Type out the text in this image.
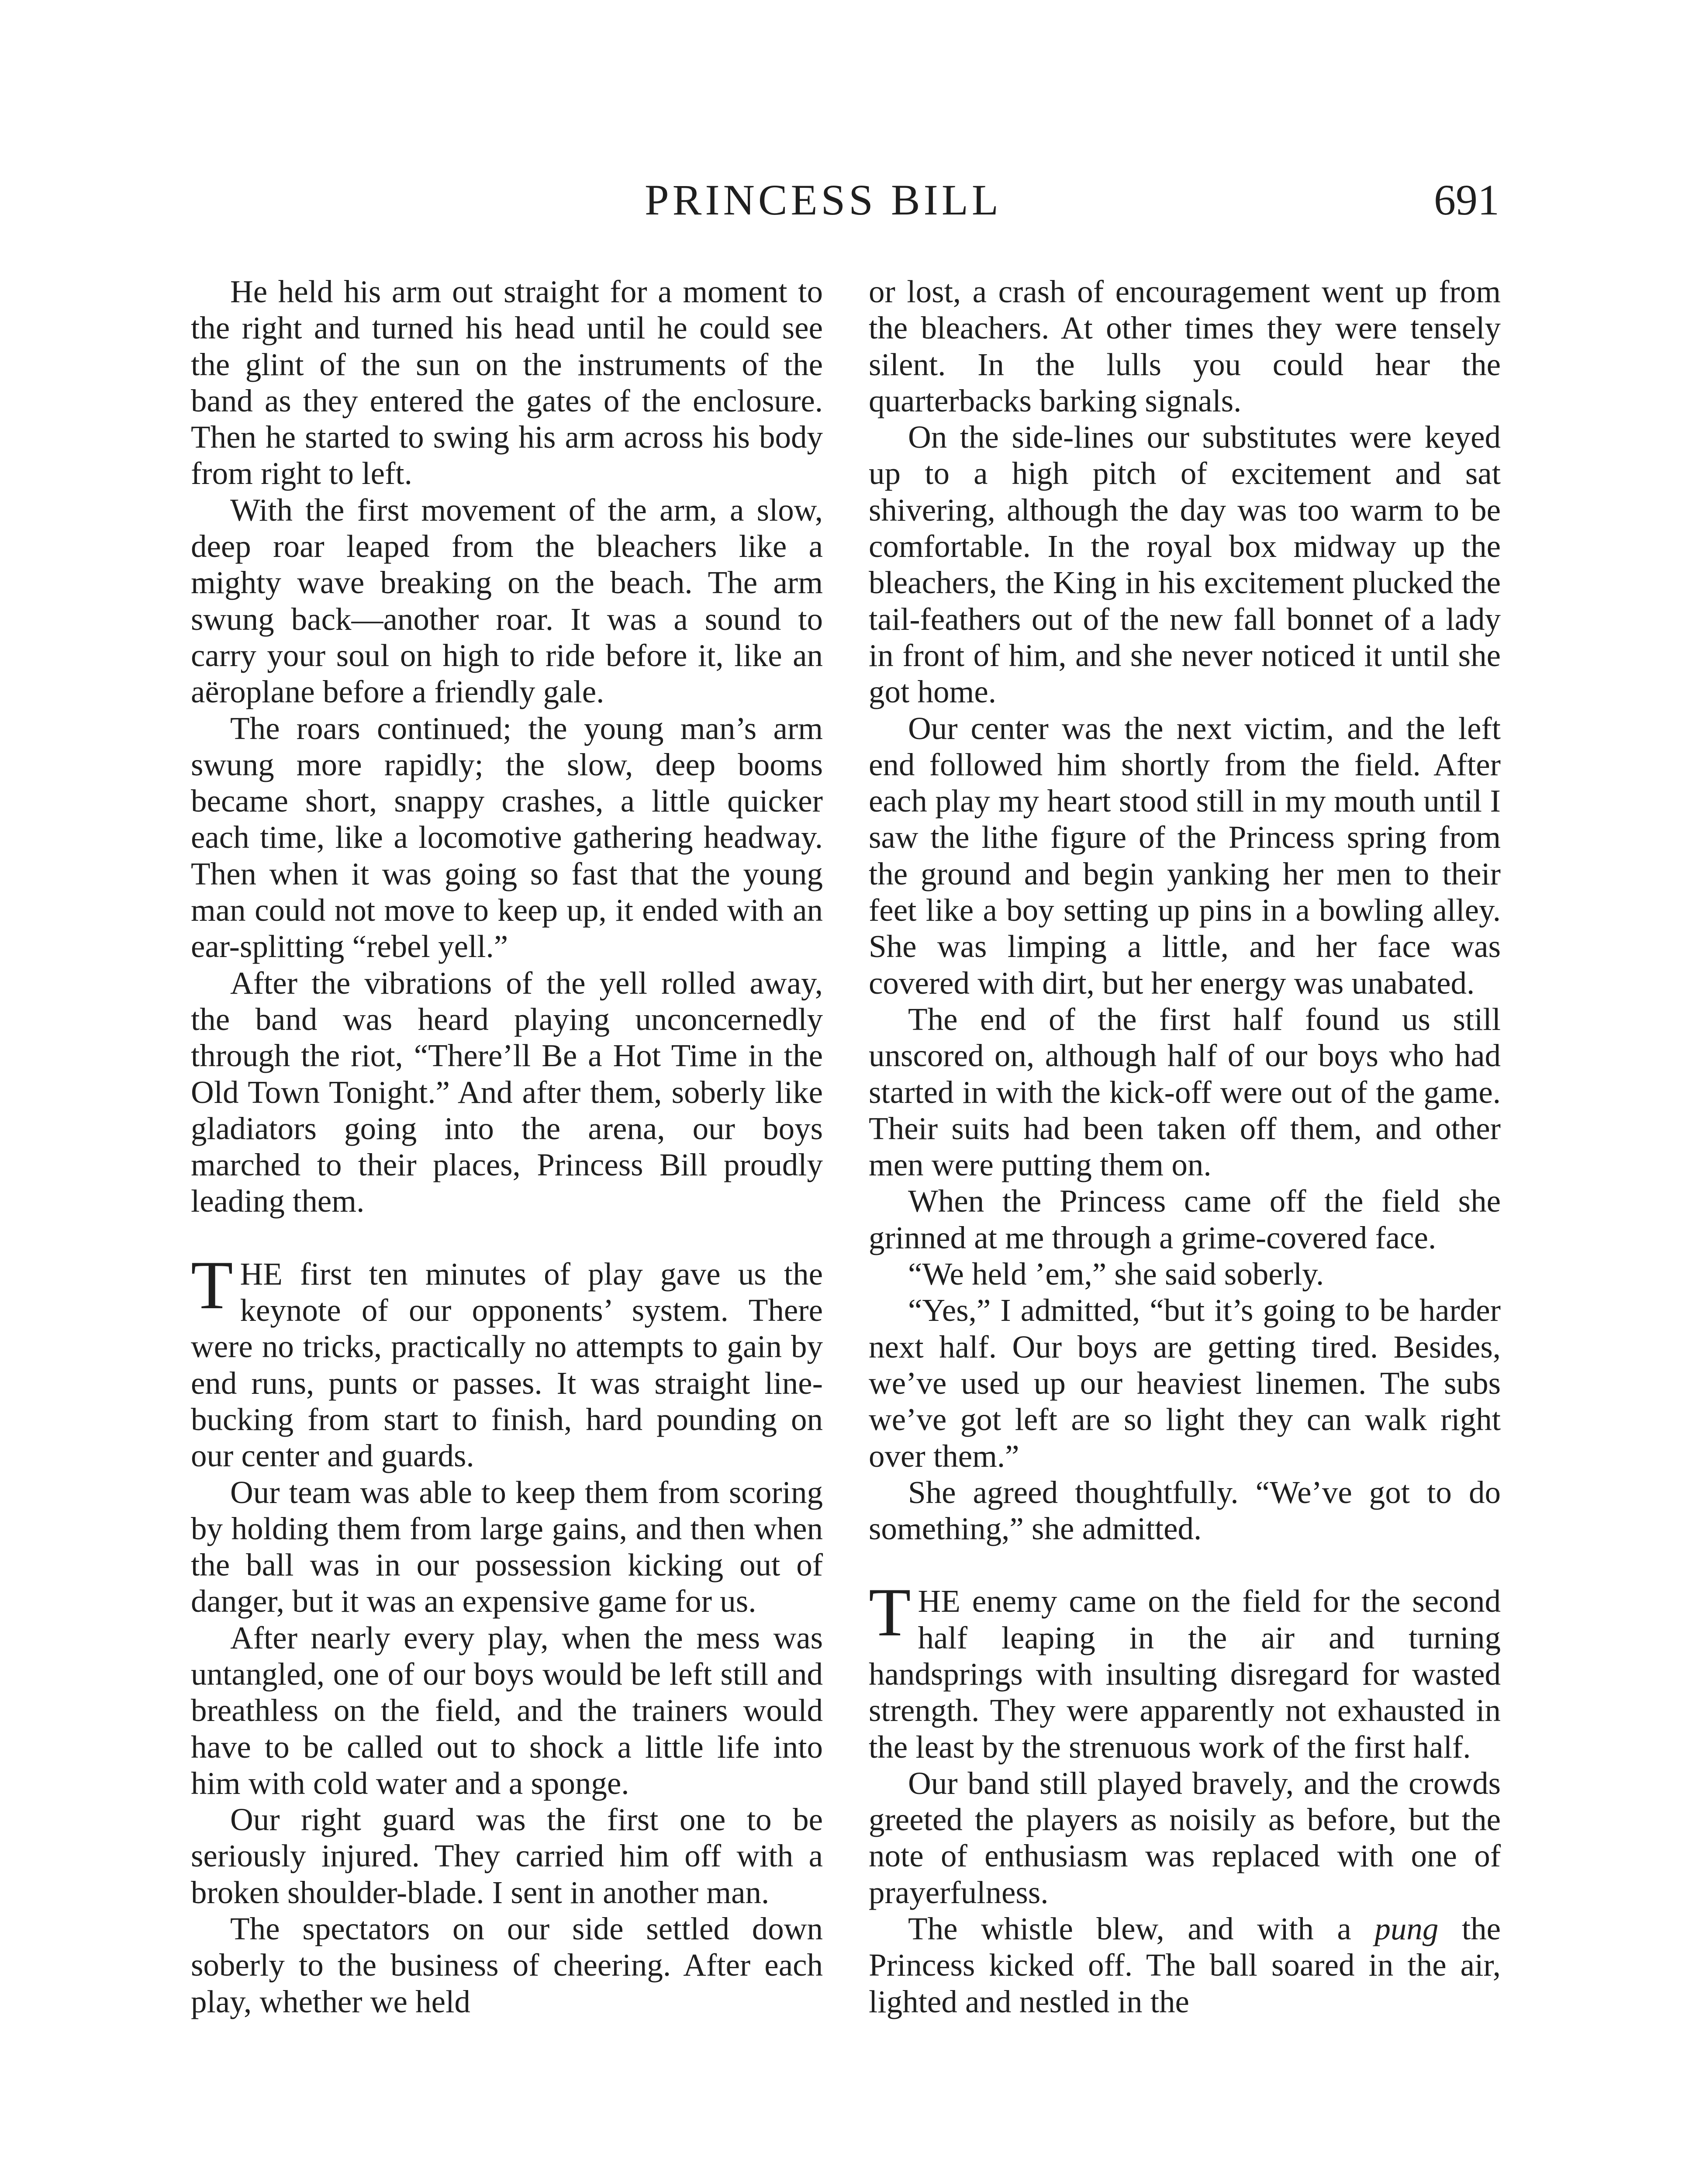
PRINCESS BILL	691

He held his arm out straight for a moment to the right and turned his head until he could see the glint of the sun on the instruments of the band as they entered the gates of the enclosure. Then he started to swing his arm across his body from right to left.

With the first movement of the arm, a slow, deep roar leaped from the bleachers like a mighty wave breaking on the beach. The arm swung back—another roar. It was a sound to carry your soul on high to ride before it, like an aëroplane before a friendly gale.

The roars continued; the young man’s arm swung more rapidly; the slow, deep booms became short, snappy crashes, a little quicker each time, like a locomotive gathering headway. Then when it was going so fast that the young man could not move to keep up, it ended with an ear-splitting “rebel yell.”

After the vibrations of the yell rolled away, the band was heard playing unconcernedly through the riot, “There’ll Be a Hot Time in the Old Town Tonight.” And after them, soberly like gladiators going into the arena, our boys marched to their places, Princess Bill proudly leading them.

THE first ten minutes of play gave us the keynote of our opponents’ system. There were no tricks, practically no attempts to gain by end runs, punts or passes. It was straight line-bucking from start to finish, hard pounding on our center and guards.

Our team was able to keep them from scoring by holding them from large gains, and then when the ball was in our possession kicking out of danger, but it was an expensive game for us.

After nearly every play, when the mess was untangled, one of our boys would be left still and breathless on the field, and the trainers would have to be called out to shock a little life into him with cold water and a sponge.

Our right guard was the first one to be seriously injured. They carried him off with a broken shoulder-blade. I sent in another man.

The spectators on our side settled down soberly to the business of cheering. After each play, whether we held

or lost, a crash of encouragement went up from the bleachers. At other times they were tensely silent. In the lulls you could hear the quarterbacks barking signals.

On the side-lines our substitutes were keyed up to a high pitch of excitement and sat shivering, although the day was too warm to be comfortable. In the royal box midway up the bleachers, the King in his excitement plucked the tail-feathers out of the new fall bonnet of a lady in front of him, and she never noticed it until she got home.

Our center was the next victim, and the left end followed him shortly from the field. After each play my heart stood still in my mouth until I saw the lithe figure of the Princess spring from the ground and begin yanking her men to their feet like a boy setting up pins in a bowling alley. She was limping a little, and her face was covered with dirt, but her energy was unabated.

The end of the first half found us still unscored on, although half of our boys who had started in with the kick-off were out of the game. Their suits had been taken off them, and other men were putting them on.

When the Princess came off the field she grinned at me through a grime-covered face.

“We held ’em,” she said soberly.

“Yes,” I admitted, “but it’s going to be harder next half. Our boys are getting tired. Besides, we’ve used up our heaviest linemen. The subs we’ve got left are so light they can walk right over them.”

She agreed thoughtfully. “We’ve got to do something,” she admitted.

THE enemy came on the field for the second half leaping in the air and turning handsprings with insulting disregard for wasted strength. They were apparently not exhausted in the least by the strenuous work of the first half.

Our band still played bravely, and the crowds greeted the players as noisily as before, but the note of enthusiasm was replaced with one of prayerfulness.

The whistle blew, and with a pung the Princess kicked off. The ball soared in the air, lighted and nestled in the
